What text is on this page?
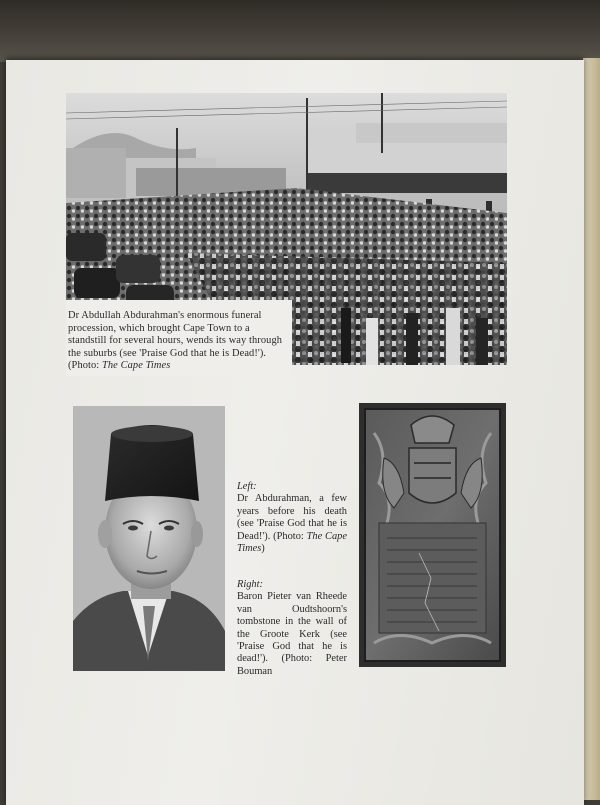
Dr Abdullah Abdurahman's enormous funeral procession, which brought Cape Town to a standstill for several hours, wends its way through the suburbs (see 'Praise God that he is Dead!'). (Photo: The Cape Times

Left:

Dr Abdurahman, a few years before his death (see 'Praise God that he is Dead!'). (Photo: The Cape Times)

Right:

Baron Pieter van Rheede van Oudtshoorn's tombstone in the wall of the Groote Kerk (see 'Praise God that he is dead!'). (Photo: Peter Bouman
